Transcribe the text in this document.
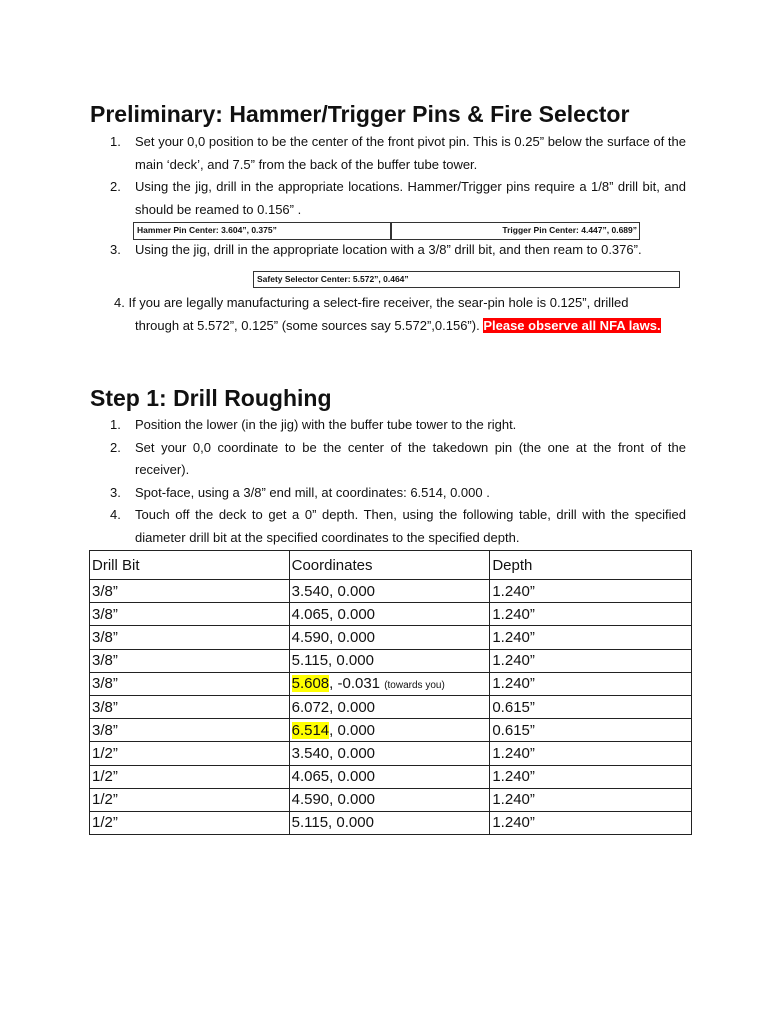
Preliminary: Hammer/Trigger Pins & Fire Selector
1. Set your 0,0 position to be the center of the front pivot pin. This is 0.25” below the surface of the main ‘deck’, and 7.5” from the back of the buffer tube tower.
2. Using the jig, drill in the appropriate locations. Hammer/Trigger pins require a 1/8” drill bit, and should be reamed to 0.156” .
Hammer Pin Center: 3.604”, 0.375”	Trigger Pin Center: 4.447”, 0.689”
3. Using the jig, drill in the appropriate location with a 3/8” drill bit, and then ream to 0.376”.
Safety Selector Center: 5.572”, 0.464”

4. If you are legally manufacturing a select-fire receiver, the sear-pin hole is 0.125”, drilled
through at 5.572”, 0.125” (some sources say 5.572”,0.156”). Please observe all NFA laws.

Step 1: Drill Roughing
1. Position the lower (in the jig) with the buffer tube tower to the right.
2. Set your 0,0 coordinate to be the center of the takedown pin (the one at the front of the receiver).
3. Spot-face, using a 3/8” end mill, at coordinates: 6.514, 0.000 .
4. Touch off the deck to get a 0” depth. Then, using the following table, drill with the specified diameter drill bit at the specified coordinates to the specified depth.
Drill Bit	Coordinates	Depth
3/8”	3.540, 0.000	1.240”
3/8”	4.065, 0.000	1.240”
3/8”	4.590, 0.000	1.240”
3/8”	5.115, 0.000	1.240”
3/8”	5.608, -0.031 (towards you)	1.240”
3/8”	6.072, 0.000	0.615”
3/8”	6.514, 0.000	0.615”
1/2”	3.540, 0.000	1.240”
1/2”	4.065, 0.000	1.240”
1/2”	4.590, 0.000	1.240”
1/2”	5.115, 0.000	1.240”
